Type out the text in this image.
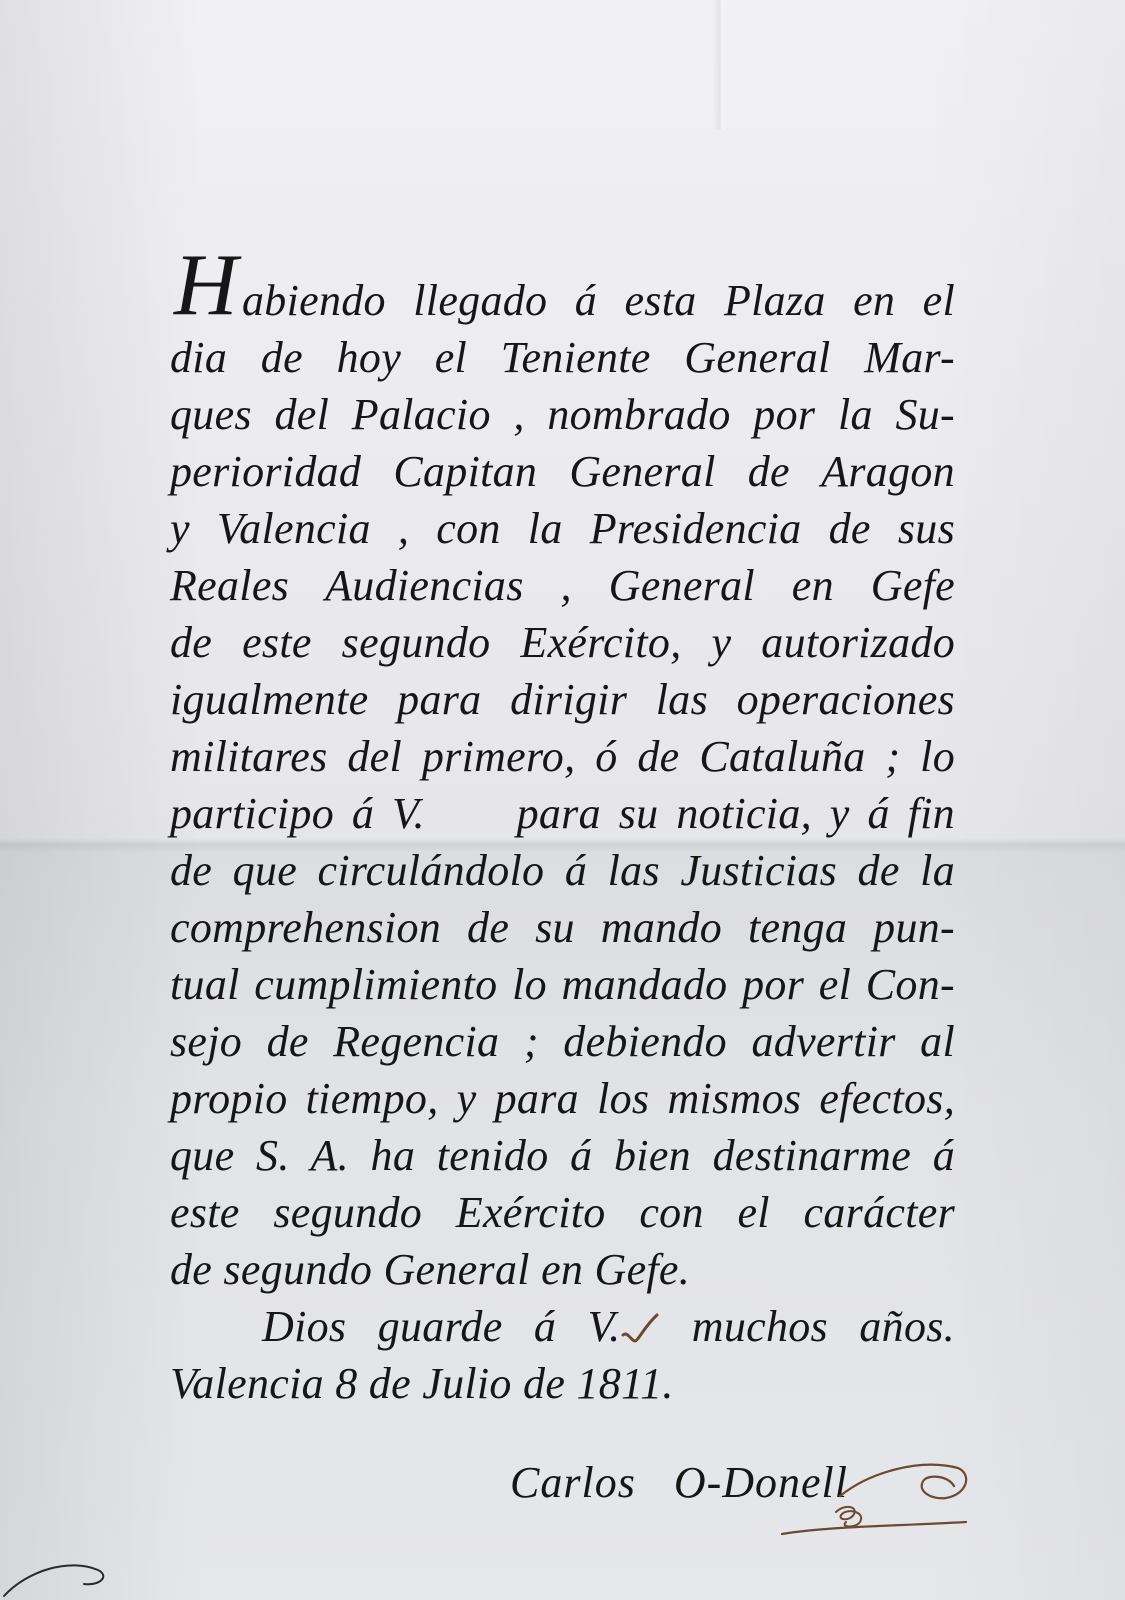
H abiendo llegado á esta Plaza en el
dia de hoy el Teniente General Mar-
ques del Palacio , nombrado por la Su-
perioridad Capitan General de Aragon
y Valencia , con la Presidencia de sus
Reales Audiencias , General en Gefe
de este segundo Exército, y autorizado
igualmente para dirigir las operaciones
militares del primero, ó de Cataluña ; lo
participo á V. para su noticia, y á fin
de que circulándolo á las Justicias de la
comprehension de su mando tenga pun-
tual cumplimiento lo mandado por el Con-
sejo de Regencia ; debiendo advertir al
propio tiempo, y para los mismos efectos,
que S. A. ha tenido á bien destinarme á
este segundo Exército con el carácter
de segundo General en Gefe.
Dios guarde á V. muchos años.
Valencia 8 de Julio de 1811.
Carlos O-Donell
